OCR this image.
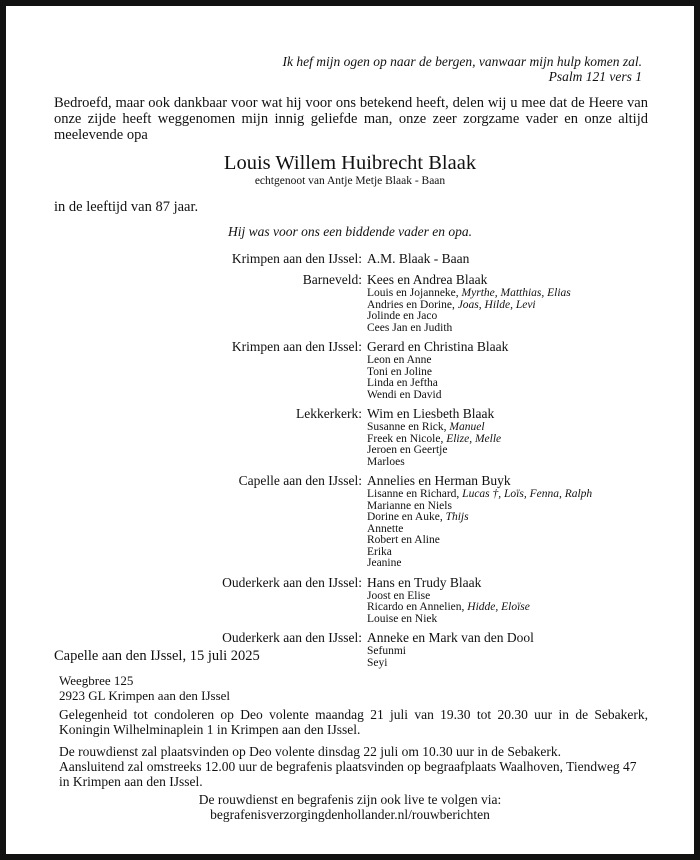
Ik hef mijn ogen op naar de bergen, vanwaar mijn hulp komen zal.
Psalm 121 vers 1
Bedroefd, maar ook dankbaar voor wat hij voor ons betekend heeft, delen wij u mee dat de Heere van onze zijde heeft weggenomen mijn innig geliefde man, onze zeer zorgzame vader en onze altijd meelevende opa
Louis Willem Huibrecht Blaak
echtgenoot van Antje Metje Blaak - Baan
in de leeftijd van 87 jaar.
Hij was voor ons een biddende vader en opa.
Krimpen aan den IJssel: A.M. Blaak - Baan
Barneveld: Kees en Andrea Blaak
Louis en Jojanneke, Myrthe, Matthias, Elias
Andries en Dorine, Joas, Hilde, Levi
Jolinde en Jaco
Cees Jan en Judith
Krimpen aan den IJssel: Gerard en Christina Blaak
Leon en Anne
Toni en Joline
Linda en Jeftha
Wendi en David
Lekkerkerk: Wim en Liesbeth Blaak
Susanne en Rick, Manuel
Freek en Nicole, Elize, Melle
Jeroen en Geertje
Marloes
Capelle aan den IJssel: Annelies en Herman Buyk
Lisanne en Richard, Lucas †, Loïs, Fenna, Ralph
Marianne en Niels
Dorine en Auke, Thijs
Annette
Robert en Aline
Erika
Jeanine
Ouderkerk aan den IJssel: Hans en Trudy Blaak
Joost en Elise
Ricardo en Annelien, Hidde, Eloïse
Louise en Niek
Ouderkerk aan den IJssel: Anneke en Mark van den Dool
Sefunmi
Seyi
Capelle aan den IJssel, 15 juli 2025
Weegbree 125
2923 GL Krimpen aan den IJssel
Gelegenheid tot condoleren op Deo volente maandag 21 juli van 19.30 tot 20.30 uur in de Sebakerk, Koningin Wilhelminaplein 1 in Krimpen aan den IJssel.
De rouwdienst zal plaatsvinden op Deo volente dinsdag 22 juli om 10.30 uur in de Sebakerk.
Aansluitend zal omstreeks 12.00 uur de begrafenis plaatsvinden op begraafplaats Waalhoven, Tiendweg 47
in Krimpen aan den IJssel.
De rouwdienst en begrafenis zijn ook live te volgen via:
begrafenisverzorgingdenhollander.nl/rouwberichten
